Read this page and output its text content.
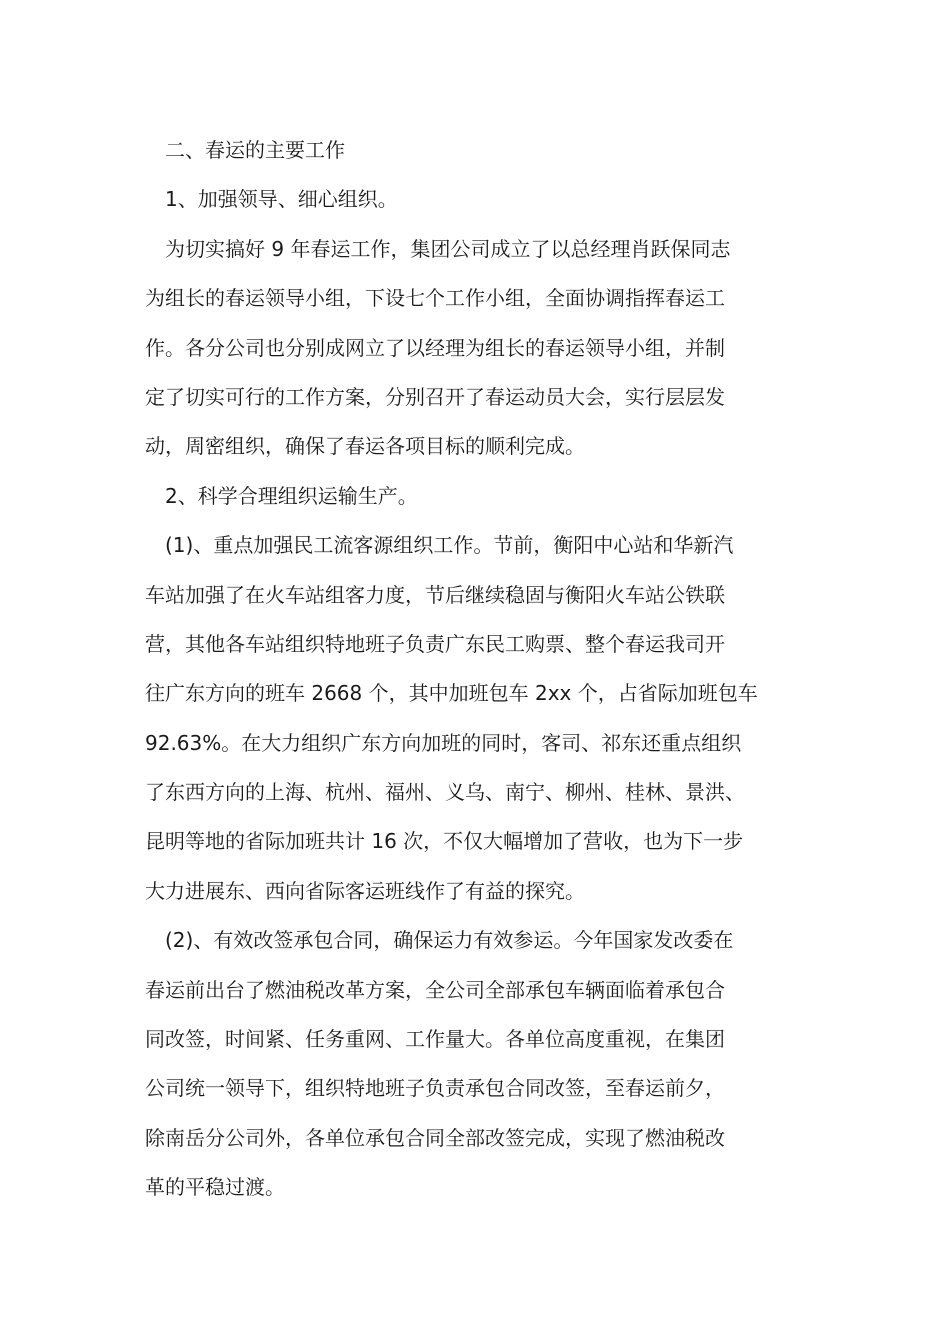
二、春运的主要工作
1、加强领导、细心组织。
为切实搞好 9 年春运工作，集团公司成立了以总经理肖跃保同志
为组长的春运领导小组，下设七个工作小组，全面协调指挥春运工
作。各分公司也分别成网立了以经理为组长的春运领导小组，并制
定了切实可行的工作方案，分别召开了春运动员大会，实行层层发
动，周密组织，确保了春运各项目标的顺利完成。
2、科学合理组织运输生产。
(1)、重点加强民工流客源组织工作。节前，衡阳中心站和华新汽
车站加强了在火车站组客力度，节后继续稳固与衡阳火车站公铁联
营，其他各车站组织特地班子负责广东民工购票、整个春运我司开
往广东方向的班车 2668 个，其中加班包车 2xx 个，占省际加班包车
92.63%。在大力组织广东方向加班的同时，客司、祁东还重点组织
了东西方向的上海、杭州、福州、义乌、南宁、柳州、桂林、景洪、
昆明等地的省际加班共计 16 次，不仅大幅增加了营收，也为下一步
大力进展东、西向省际客运班线作了有益的探究。
(2)、有效改签承包合同，确保运力有效参运。今年国家发改委在
春运前出台了燃油税改革方案，全公司全部承包车辆面临着承包合
同改签，时间紧、任务重网、工作量大。各单位高度重视，在集团
公司统一领导下，组织特地班子负责承包合同改签，至春运前夕，
除南岳分公司外，各单位承包合同全部改签完成，实现了燃油税改
革的平稳过渡。
